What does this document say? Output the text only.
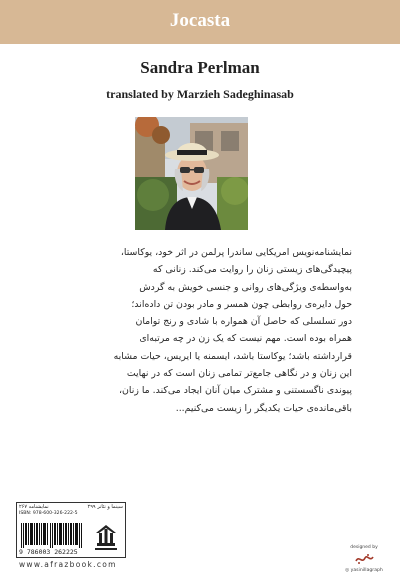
Jocasta
Sandra Perlman
translated by Marzieh Sadeghinasab
نمایشنامه‌نویس امریکایی ساندرا پرلمن در اثر خود، یوکاستا،
پیچیدگی‌های زیستی زنان را روایت می‌کند. زنانی که
به‌واسطه‌ی ویژگی‌های روانی و جنسی خویش به گردش
حول دایره‌ی روابطی چون همسر و مادر بودن تن داده‌اند؛
دور تسلسلی که حاصل آن همواره با شادی و رنج توامان
همراه بوده است. مهم نیست که یک زن در چه مرتبه‌ای
قرارداشته باشد؛ یوکاستا باشد، ایسمنه یا ایریس، حیات مشابه
این زنان و در نگاهی جامع‌تر تمامی زنان است که در نهایت
پیوندی ناگسستنی و مشترک میان آنان ایجاد می‌کند. ما زنان،
باقی‌مانده‌ی حیات یکدیگر را زیست می‌کنیم...
نمایشنامه ۲۶۷	سینما و تئاتر ۲۹۹
ISBN: 978-600-326-222-5
9 786003 262225
www.afrazbook.com
designed by
◎ yasinillagraph
